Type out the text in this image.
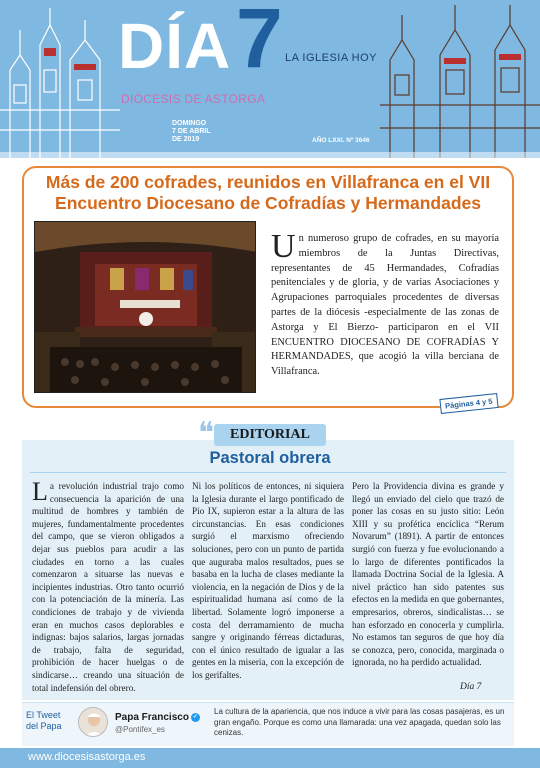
DÍA 7 LA IGLESIA HOY
DIÓCESIS DE ASTORGA
DOMINGO
7 DE ABRIL
DE 2019	AÑO LXXI. Nº 3646
Más de 200 cofrades, reunidos en Villafranca en el VII
Encuentro Diocesano de Cofradías y Hermandades
Un numeroso grupo de cofrades, en su mayoría miembros de la Juntas Directivas, representantes de 45 Hermandades, Cofradías penitenciales y de gloria, y de varias Asociaciones y Agrupaciones parroquiales procedentes de diversas partes de la diócesis -especialmente de las zonas de Astorga y El Bierzo- participaron en el VII ENCUENTRO DIOCESANO DE COFRADÍAS Y HERMANDADES, que acogió la villa berciana de Villafranca.
Páginas 4 y 5
❝	EDITORIAL
Pastoral obrera
La revolución industrial trajo como consecuencia la aparición de una multitud de hombres y también de mujeres, fundamentalmente procedentes del campo, que se vieron obligados a dejar sus pueblos para acudir a las ciudades en torno a las cuales comenzaron a situarse las nuevas e incipientes industrias. Otro tanto ocurrió con la potenciación de la minería. Las condiciones de trabajo y de vivienda eran en muchos casos deplorables e indignas: bajos salarios, largas jornadas de trabajo, falta de seguridad, prohibición de hacer huelgas o de sindicarse… creando una situación de total indefensión del obrero.
Ni los políticos de entonces, ni siquiera la Iglesia durante el largo pontificado de Pío IX, supieron estar a la altura de las circunstancias. En esas condiciones surgió el marxismo ofreciendo soluciones, pero con un punto de partida que auguraba malos resultados, pues se basaba en la lucha de clases mediante la violencia, en la negación de Dios y de la espiritualidad humana así como de la libertad. Solamente logró imponerse a costa del derramamiento de mucha sangre y originando férreas dictaduras, con el único resultado de igualar a las gentes en la miseria, con la excepción de los gerifaltes.
Pero la Providencia divina es grande y llegó un enviado del cielo que trazó de poner las cosas en su justo sitio: León XIII y su profética encíclica “Rerum Novarum” (1891). A partir de entonces surgió con fuerza y fue evolucionando a lo largo de diferentes pontificados la llamada Doctrina Social de la Iglesia. A nivel práctico han sido patentes sus efectos en la medida en que gobernantes, empresarios, obreros, sindicalistas… se han esforzado en conocerla y cumplirla. No estamos tan seguros de que hoy día se conozca, pero, conocida, marginada o ignorada, no ha perdido actualidad.
Día 7
El Tweet
del Papa
Papa Francisco ✓
@Pontifex_es
La cultura de la apariencia, que nos induce a vivir para las cosas pasajeras, es un gran engaño. Porque es como una llamarada: una vez apagada, quedan solo las cenizas.
www.diocesisastorga.es
